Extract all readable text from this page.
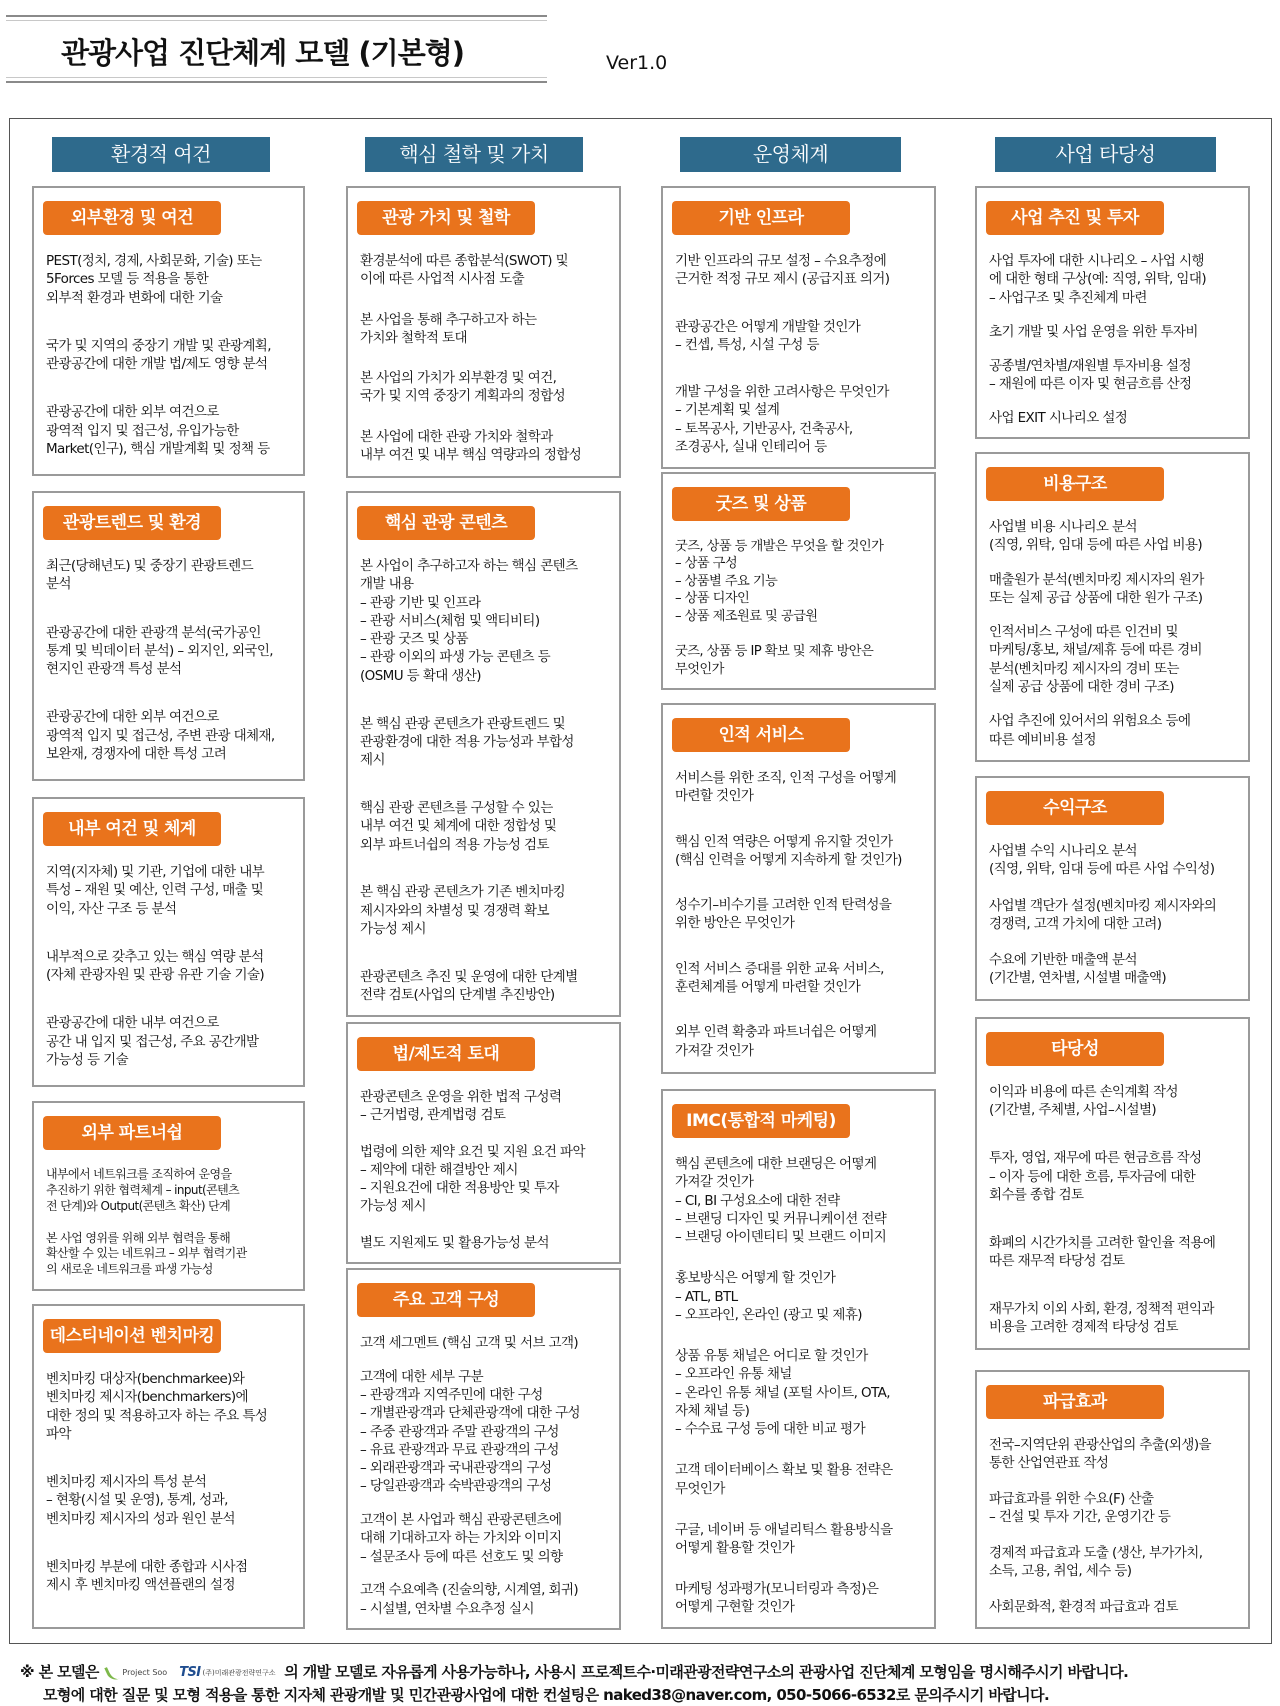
관광사업 진단체계 모델 (기본형)	Ver1.0
환경적 여건	핵심 철학 및 가치	운영체계	사업 타당성
외부환경 및 여건
PEST(정치, 경제, 사회문화, 기술) 또는
5Forces 모델 등 적용을 통한
외부적 환경과 변화에 대한 기술
국가 및 지역의 중장기 개발 및 관광계획,
관광공간에 대한 개발 법/제도 영향 분석
관광공간에 대한 외부 여건으로
광역적 입지 및 접근성, 유입가능한
Market(인구), 핵심 개발계획 및 정책 등
관광트렌드 및 환경
최근(당해년도) 및 중장기 관광트렌드
분석
관광공간에 대한 관광객 분석(국가공인
통계 및 빅데이터 분석) – 외지인, 외국인,
현지인 관광객 특성 분석
관광공간에 대한 외부 여건으로
광역적 입지 및 접근성, 주변 관광 대체재,
보완재, 경쟁자에 대한 특성 고려
내부 여건 및 체계
지역(지자체) 및 기관, 기업에 대한 내부
특성 – 재원 및 예산, 인력 구성, 매출 및
이익, 자산 구조 등 분석
내부적으로 갖추고 있는 핵심 역량 분석
(자체 관광자원 및 관광 유관 기술 기술)
관광공간에 대한 내부 여건으로
공간 내 입지 및 접근성, 주요 공간개발
가능성 등 기술
외부 파트너쉽
내부에서 네트워크를 조직하여 운영을
추진하기 위한 협력체계 – input(콘텐츠
전 단계)와 Output(콘텐츠 확산) 단계
본 사업 영위를 위해 외부 협력을 통해
확산할 수 있는 네트워크 – 외부 협력기관
의 새로운 네트워크를 파생 가능성
데스티네이션 벤치마킹
벤치마킹 대상자(benchmarkee)와
벤치마킹 제시자(benchmarkers)에
대한 정의 및 적용하고자 하는 주요 특성
파악
벤치마킹 제시자의 특성 분석
– 현황(시설 및 운영), 통계, 성과,
벤치마킹 제시자의 성과 원인 분석
벤치마킹 부분에 대한 종합과 시사점
제시 후 벤치마킹 액션플랜의 설정
관광 가치 및 철학
환경분석에 따른 종합분석(SWOT) 및
이에 따른 사업적 시사점 도출
본 사업을 통해 추구하고자 하는
가치와 철학적 토대
본 사업의 가치가 외부환경 및 여건,
국가 및 지역 중장기 계획과의 정합성
본 사업에 대한 관광 가치와 철학과
내부 여건 및 내부 핵심 역량과의 정합성
핵심 관광 콘텐츠
본 사업이 추구하고자 하는 핵심 콘텐츠
개발 내용
– 관광 기반 및 인프라
– 관광 서비스(체험 및 액티비티)
– 관광 굿즈 및 상품
– 관광 이외의 파생 가능 콘텐츠 등
(OSMU 등 확대 생산)
본 핵심 관광 콘텐츠가 관광트렌드 및
관광환경에 대한 적용 가능성과 부합성
제시
핵심 관광 콘텐츠를 구성할 수 있는
내부 여건 및 체계에 대한 정합성 및
외부 파트너쉽의 적용 가능성 검토
본 핵심 관광 콘텐츠가 기존 벤치마킹
제시자와의 차별성 및 경쟁력 확보
가능성 제시
관광콘텐츠 추진 및 운영에 대한 단계별
전략 검토(사업의 단계별 추진방안)
법/제도적 토대
관광콘텐츠 운영을 위한 법적 구성력
– 근거법령, 관계법령 검토
법령에 의한 제약 요건 및 지원 요건 파악
– 제약에 대한 해결방안 제시
– 지원요건에 대한 적용방안 및 투자
가능성 제시
별도 지원제도 및 활용가능성 분석
주요 고객 구성
고객 세그멘트 (핵심 고객 및 서브 고객)
고객에 대한 세부 구분
– 관광객과 지역주민에 대한 구성
– 개별관광객과 단체관광객에 대한 구성
– 주중 관광객과 주말 관광객의 구성
– 유료 관광객과 무료 관광객의 구성
– 외래관광객과 국내관광객의 구성
– 당일관광객과 숙박관광객의 구성
고객이 본 사업과 핵심 관광콘텐츠에
대해 기대하고자 하는 가치와 이미지
– 설문조사 등에 따른 선호도 및 의향
고객 수요예측 (진술의향, 시계열, 회귀)
– 시설별, 연차별 수요추정 실시
기반 인프라
기반 인프라의 규모 설정 – 수요추정에
근거한 적정 규모 제시 (공급지표 의거)
관광공간은 어떻게 개발할 것인가
– 컨셉, 특성, 시설 구성 등
개발 구성을 위한 고려사항은 무엇인가
– 기본계획 및 설계
– 토목공사, 기반공사, 건축공사,
조경공사, 실내 인테리어 등
굿즈 및 상품
굿즈, 상품 등 개발은 무엇을 할 것인가
– 상품 구성
– 상품별 주요 기능
– 상품 디자인
– 상품 제조원료 및 공급원
굿즈, 상품 등 IP 확보 및 제휴 방안은
무엇인가
인적 서비스
서비스를 위한 조직, 인적 구성을 어떻게
마련할 것인가
핵심 인적 역량은 어떻게 유지할 것인가
(핵심 인력을 어떻게 지속하게 할 것인가)
성수기–비수기를 고려한 인적 탄력성을
위한 방안은 무엇인가
인적 서비스 증대를 위한 교육 서비스,
훈련체계를 어떻게 마련할 것인가
외부 인력 확충과 파트너쉽은 어떻게
가져갈 것인가
IMC(통합적 마케팅)
핵심 콘텐츠에 대한 브랜딩은 어떻게
가져갈 것인가
– CI, BI 구성요소에 대한 전략
– 브랜딩 디자인 및 커뮤니케이션 전략
– 브랜딩 아이덴티티 및 브랜드 이미지
홍보방식은 어떻게 할 것인가
– ATL, BTL
– 오프라인, 온라인 (광고 및 제휴)
상품 유통 채널은 어디로 할 것인가
– 오프라인 유통 채널
– 온라인 유통 채널 (포털 사이트, OTA,
자체 채널 등)
– 수수료 구성 등에 대한 비교 평가
고객 데이터베이스 확보 및 활용 전략은
무엇인가
구글, 네이버 등 애널리틱스 활용방식을
어떻게 활용할 것인가
마케팅 성과평가(모니터링과 측정)은
어떻게 구현할 것인가
사업 추진 및 투자
사업 투자에 대한 시나리오 – 사업 시행
에 대한 형태 구상(예: 직영, 위탁, 임대)
– 사업구조 및 추진체계 마련
초기 개발 및 사업 운영을 위한 투자비
공종별/연차별/재원별 투자비용 설정
– 재원에 따른 이자 및 현금흐름 산정
사업 EXIT 시나리오 설정
비용구조
사업별 비용 시나리오 분석
(직영, 위탁, 임대 등에 따른 사업 비용)
매출원가 분석(벤치마킹 제시자의 원가
또는 실제 공급 상품에 대한 원가 구조)
인적서비스 구성에 따른 인건비 및
마케팅/홍보, 채널/제휴 등에 따른 경비
분석(벤치마킹 제시자의 경비 또는
실제 공급 상품에 대한 경비 구조)
사업 추진에 있어서의 위험요소 등에
따른 예비비용 설정
수익구조
사업별 수익 시나리오 분석
(직영, 위탁, 임대 등에 따른 사업 수익성)
사업별 객단가 설정(벤치마킹 제시자와의
경쟁력, 고객 가치에 대한 고려)
수요에 기반한 매출액 분석
(기간별, 연차별, 시설별 매출액)
타당성
이익과 비용에 따른 손익계획 작성
(기간별, 주체별, 사업–시설별)
투자, 영업, 재무에 따른 현금흐름 작성
– 이자 등에 대한 흐름, 투자금에 대한
회수를 종합 검토
화폐의 시간가치를 고려한 할인율 적용에
따른 재무적 타당성 검토
재무가치 이외 사회, 환경, 정책적 편익과
비용을 고려한 경제적 타당성 검토
파급효과
전국–지역단위 관광산업의 추출(외생)을
통한 산업연관표 작성
파급효과를 위한 수요(F) 산출
– 건설 및 투자 기간, 운영기간 등
경제적 파급효과 도출 (생산, 부가가치,
소득, 고용, 취업, 세수 등)
사회문화적, 환경적 파급효과 검토
※ 본 모델은	Project Soo TSI (주)미래관광전략연구소 의 개발 모델로 자유롭게 사용가능하나, 사용시 프로젝트수·미래관광전략연구소의 관광사업 진단체계 모형임을 명시해주시기 바랍니다.
모형에 대한 질문 및 모형 적용을 통한 지자체 관광개발 및 민간관광사업에 대한 컨설팅은 naked38@naver.com, 050-5066-6532로 문의주시기 바랍니다.
